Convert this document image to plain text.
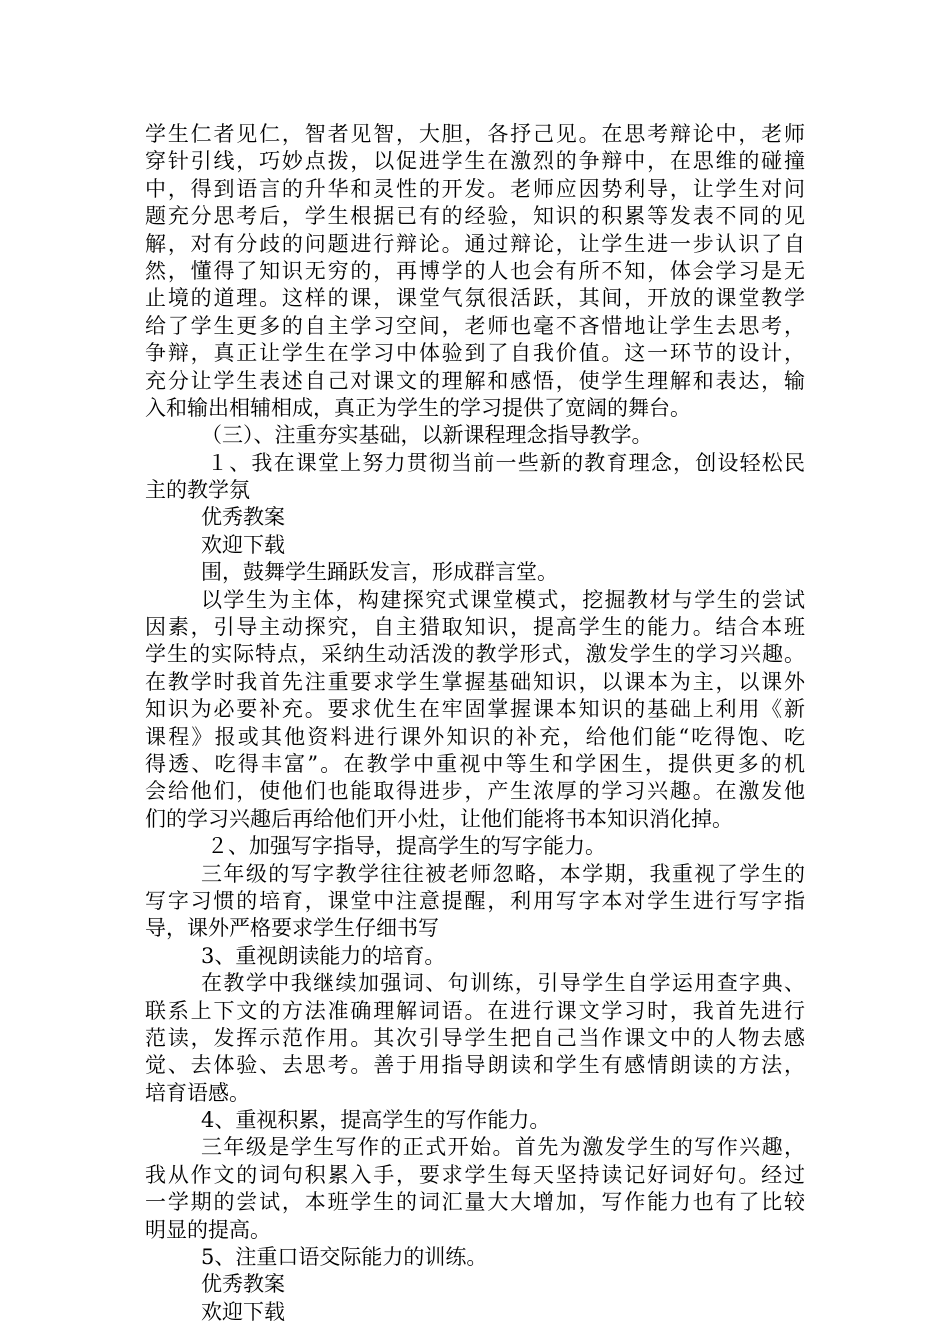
学生仁者见仁，智者见智，大胆，各抒己见。在思考辩论中，老师
穿针引线，巧妙点拨，以促进学生在激烈的争辩中，在思维的碰撞
中，得到语言的升华和灵性的开发。老师应因势利导，让学生对问
题充分思考后，学生根据已有的经验，知识的积累等发表不同的见
解，对有分歧的问题进行辩论。通过辩论，让学生进一步认识了自
然，懂得了知识无穷的，再博学的人也会有所不知，体会学习是无
止境的道理。这样的课，课堂气氛很活跃，其间，开放的课堂教学
给了学生更多的自主学习空间，老师也毫不吝惜地让学生去思考，
争辩，真正让学生在学习中体验到了自我价值。这一环节的设计，
充分让学生表述自己对课文的理解和感悟，使学生理解和表达，输
入和输出相辅相成，真正为学生的学习提供了宽阔的舞台。
（三）、注重夯实基础，以新课程理念指导教学。
１、我在课堂上努力贯彻当前一些新的教育理念，创设轻松民
主的教学氛
优秀教案
欢迎下载
围，鼓舞学生踊跃发言，形成群言堂。
以学生为主体，构建探究式课堂模式，挖掘教材与学生的尝试
因素，引导主动探究，自主猎取知识，提高学生的能力。结合本班
学生的实际特点，采纳生动活泼的教学形式，激发学生的学习兴趣。
在教学时我首先注重要求学生掌握基础知识，以课本为主，以课外
知识为必要补充。要求优生在牢固掌握课本知识的基础上利用《新
课程》报或其他资料进行课外知识的补充，给他们能“吃得饱、吃
得透、吃得丰富”。在教学中重视中等生和学困生，提供更多的机
会给他们，使他们也能取得进步，产生浓厚的学习兴趣。在激发他
们的学习兴趣后再给他们开小灶，让他们能将书本知识消化掉。
２、加强写字指导，提高学生的写字能力。
三年级的写字教学往往被老师忽略，本学期，我重视了学生的
写字习惯的培育，课堂中注意提醒，利用写字本对学生进行写字指
导，课外严格要求学生仔细书写
3、重视朗读能力的培育。
在教学中我继续加强词、句训练，引导学生自学运用查字典、
联系上下文的方法准确理解词语。在进行课文学习时，我首先进行
范读，发挥示范作用。其次引导学生把自己当作课文中的人物去感
觉、去体验、去思考。善于用指导朗读和学生有感情朗读的方法，
培育语感。
4、重视积累，提高学生的写作能力。
三年级是学生写作的正式开始。首先为激发学生的写作兴趣，
我从作文的词句积累入手，要求学生每天坚持读记好词好句。经过
一学期的尝试，本班学生的词汇量大大增加，写作能力也有了比较
明显的提高。
5、注重口语交际能力的训练。
优秀教案
欢迎下载
